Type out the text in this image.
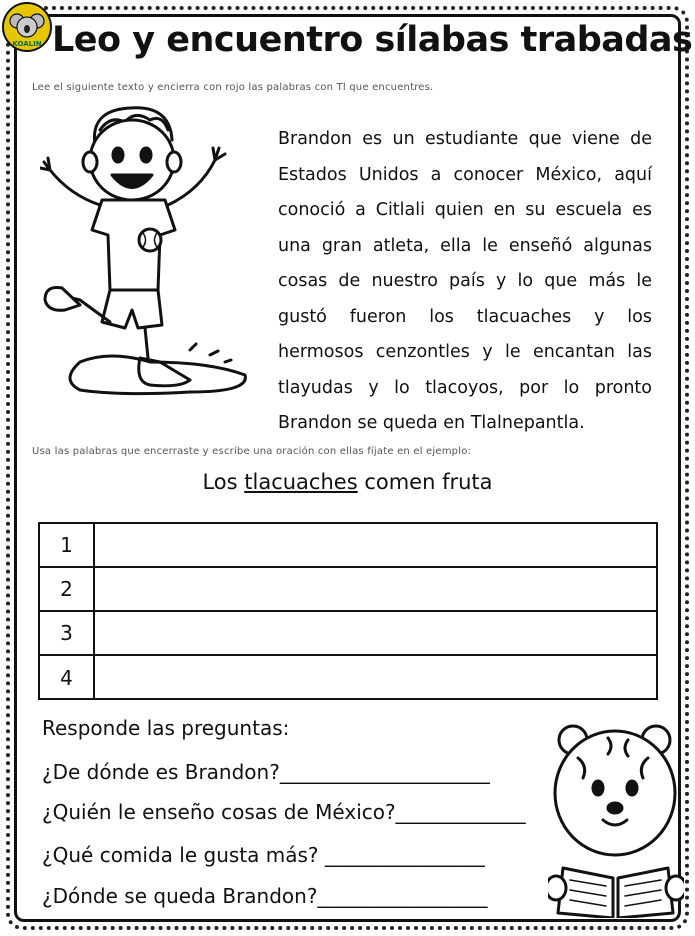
KOALIN Leo y encuentro sílabas trabadas
Lee el siguiente texto y encierra con rojo las palabras con Tl que encuentres.
Brandon es un estudiante que viene de Estados Unidos a conocer México, aquí conoció a Citlali quien en su escuela es una gran atleta, ella le enseñó algunas cosas de nuestro país y lo que más le gustó fueron los tlacuaches y los hermosos cenzontles y le encantan las tlayudas y lo tlacoyos, por lo pronto Brandon se queda en Tlalnepantla.
Usa las palabras que encerraste y escribe una oración con ellas fíjate en el ejemplo:
Los tlacuaches comen fruta
1
2
3
4
Responde las preguntas:
¿De dónde es Brandon?_____________________
¿Quién le enseño cosas de México?_____________
¿Qué comida le gusta más? ________________
¿Dónde se queda Brandon?_________________
